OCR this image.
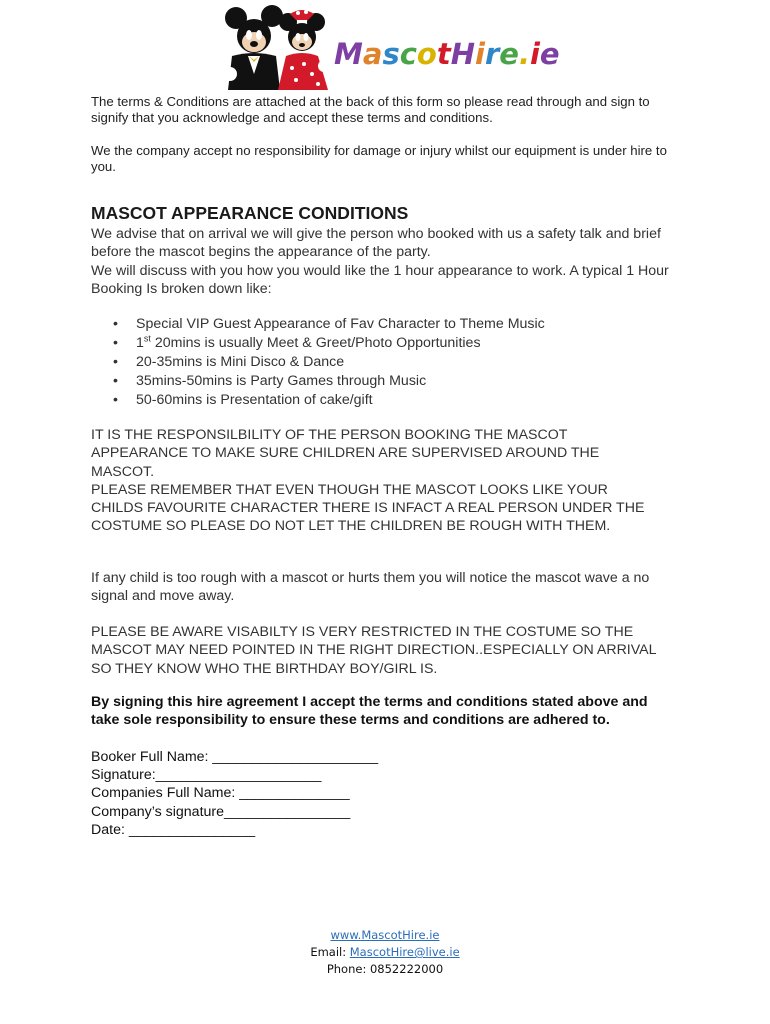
MascotHire.ie
The terms & Conditions are attached at the back of this form so please read through and sign to signify that you acknowledge and accept these terms and conditions.
We the company accept no responsibility for damage or injury whilst our equipment is under hire to you.
MASCOT APPEARANCE CONDITIONS
We advise that on arrival we will give the person who booked with us a safety talk and brief before the mascot begins the appearance of the party.
We will discuss with you how you would like the 1 hour appearance to work. A typical 1 Hour Booking Is broken down like:
• Special VIP Guest Appearance of Fav Character to Theme Music
• 1st 20mins is usually Meet & Greet/Photo Opportunities
• 20-35mins is Mini Disco & Dance
• 35mins-50mins is Party Games through Music
• 50-60mins is Presentation of cake/gift
IT IS THE RESPONSILBILITY OF THE PERSON BOOKING THE MASCOT APPEARANCE TO MAKE SURE CHILDREN ARE SUPERVISED AROUND THE MASCOT.
PLEASE REMEMBER THAT EVEN THOUGH THE MASCOT LOOKS LIKE YOUR CHILDS FAVOURITE CHARACTER THERE IS INFACT A REAL PERSON UNDER THE COSTUME SO PLEASE DO NOT LET THE CHILDREN BE ROUGH WITH THEM.
If any child is too rough with a mascot or hurts them you will notice the mascot wave a no signal and move away.
PLEASE BE AWARE VISABILTY IS VERY RESTRICTED IN THE COSTUME SO THE MASCOT MAY NEED POINTED IN THE RIGHT DIRECTION..ESPECIALLY ON ARRIVAL SO THEY KNOW WHO THE BIRTHDAY BOY/GIRL IS.
By signing this hire agreement I accept the terms and conditions stated above and take sole responsibility to ensure these terms and conditions are adhered to.
Booker Full Name: _____________________
Signature:_____________________
Companies Full Name: ______________
Company’s signature________________
Date: ________________
www.MascotHire.ie
Email: MascotHire@live.ie
Phone: 0852222000
